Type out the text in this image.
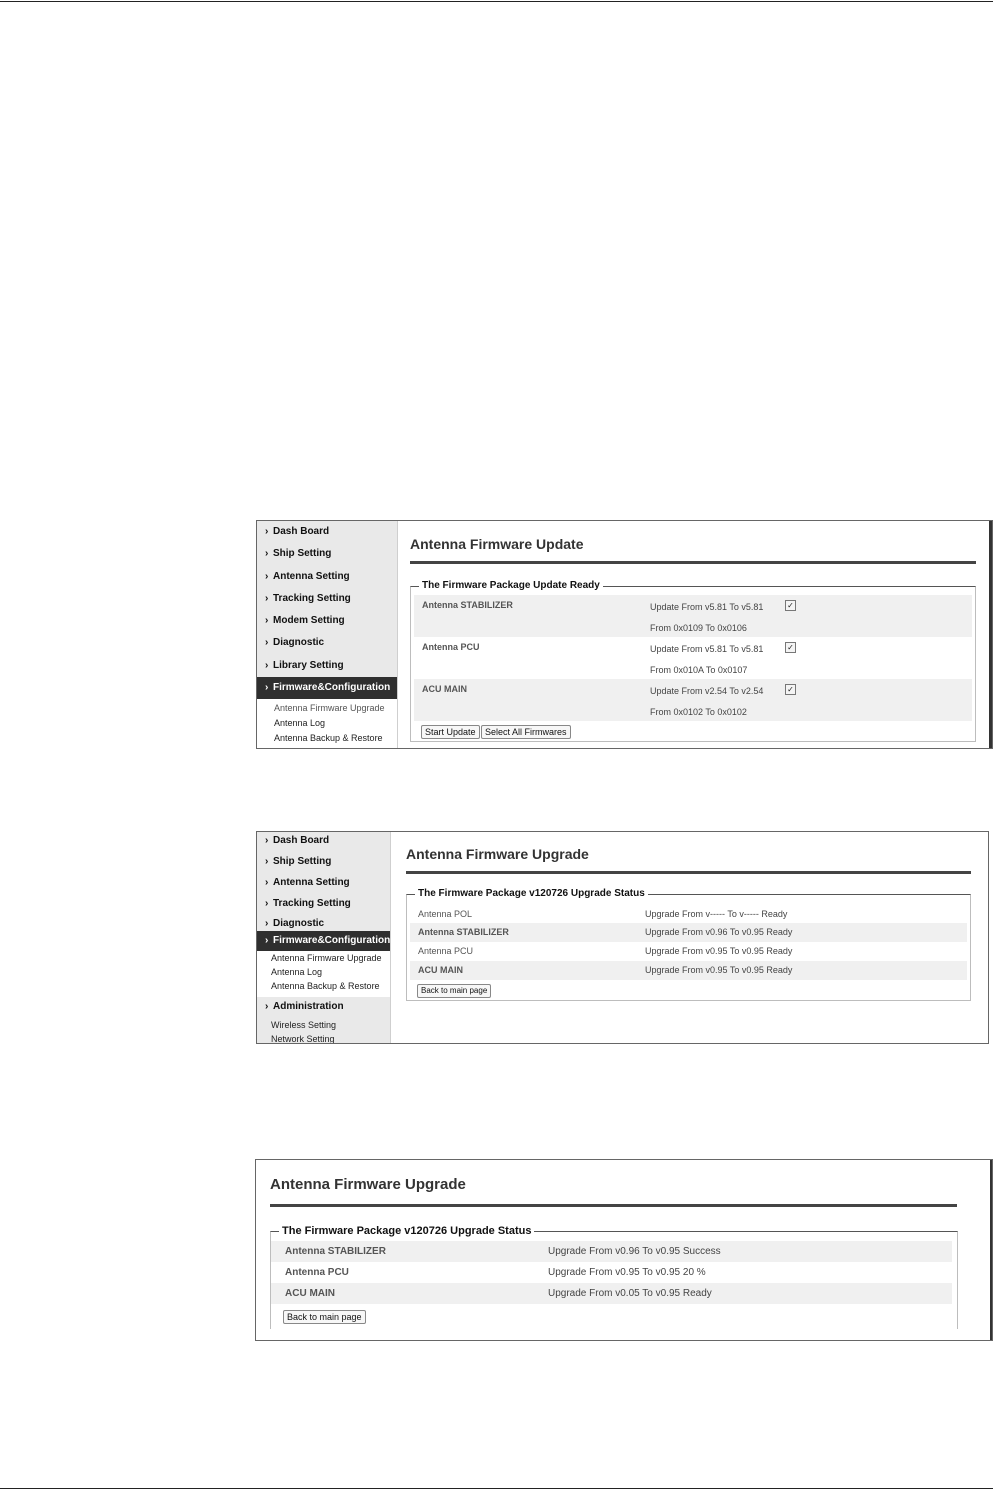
› Dash Board
› Ship Setting
› Antenna Setting
› Tracking Setting
› Modem Setting
› Diagnostic
› Library Setting
› Firmware&Configuration
Antenna Firmware Upgrade
Antenna Log
Antenna Backup & Restore
Antenna Firmware Update
The Firmware Package Update Ready
Antenna STABILIZER	Update From v5.81 To v5.81
From 0x0109 To 0x0106
✓
Antenna PCU	Update From v5.81 To v5.81
From 0x010A To 0x0107
✓
ACU MAIN	Update From v2.54 To v2.54
From 0x0102 To 0x0102
✓
Start Update	Select All Firmwares
› Dash Board
› Ship Setting
› Antenna Setting
› Tracking Setting
› Diagnostic
› Firmware&Configuration
Antenna Firmware Upgrade
Antenna Log
Antenna Backup & Restore
› Administration
Wireless Setting
Network Setting
Antenna Firmware Upgrade
The Firmware Package v120726 Upgrade Status
Antenna POL	Upgrade From v----- To v----- Ready
Antenna STABILIZER	Upgrade From v0.96 To v0.95 Ready
Antenna PCU	Upgrade From v0.95 To v0.95 Ready
ACU MAIN	Upgrade From v0.95 To v0.95 Ready
Back to main page
Antenna Firmware Upgrade
The Firmware Package v120726 Upgrade Status
Antenna STABILIZER	Upgrade From v0.96 To v0.95 Success
Antenna PCU	Upgrade From v0.95 To v0.95 20 %
ACU MAIN	Upgrade From v0.05 To v0.95 Ready
Back to main page
